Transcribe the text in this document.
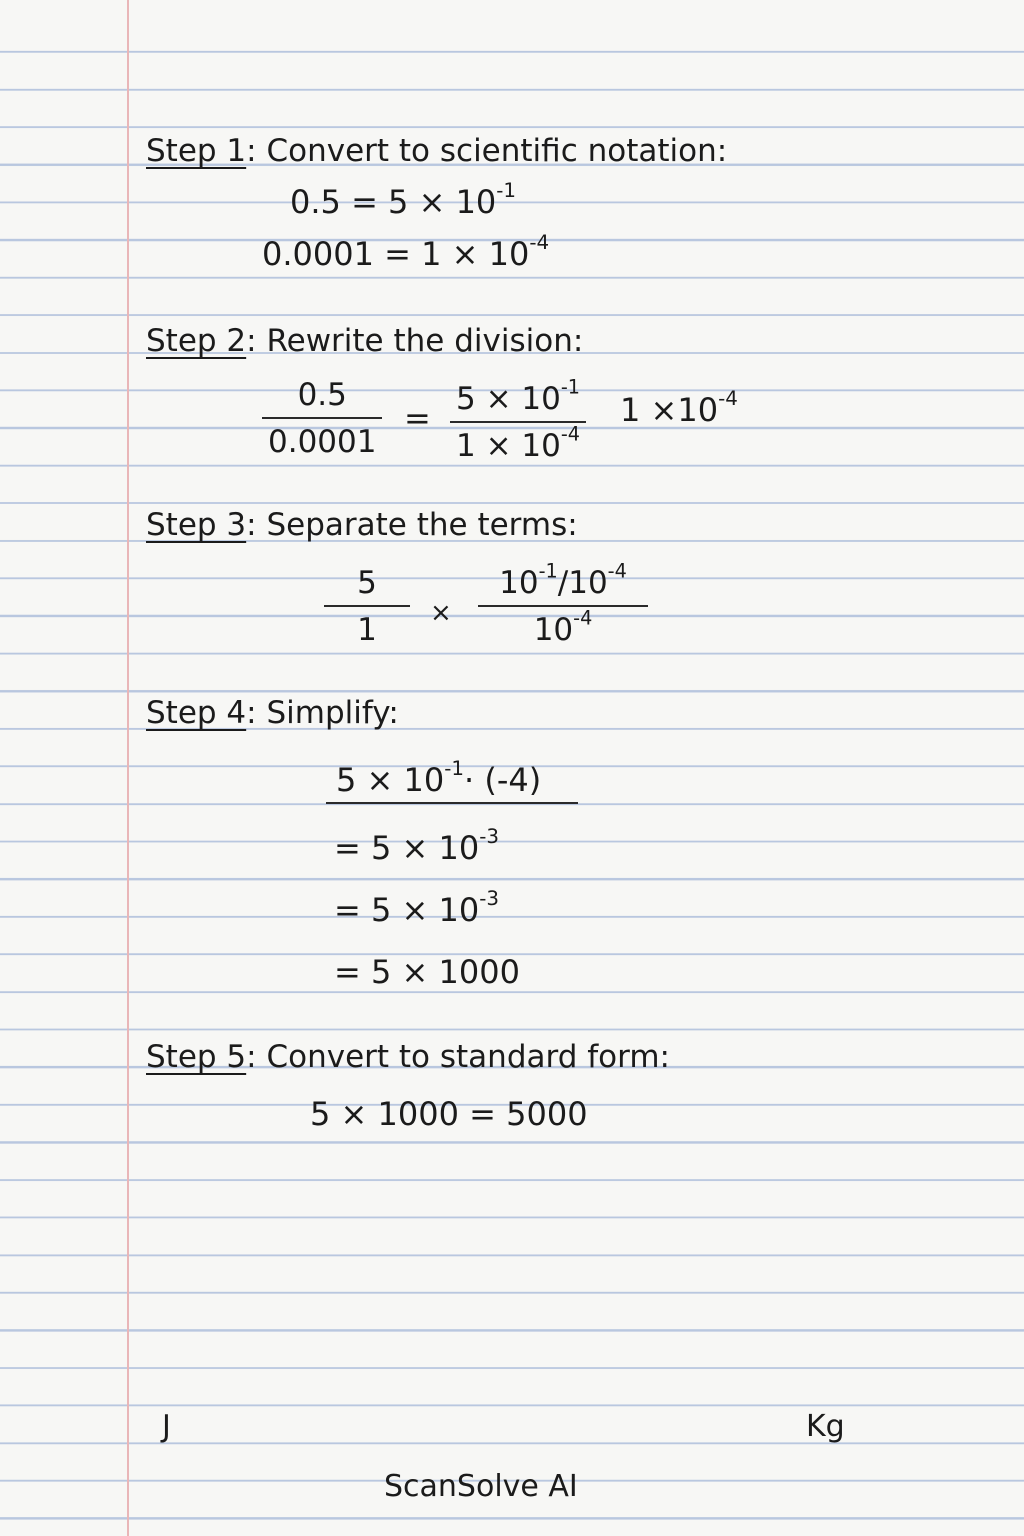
Step 1: Convert to scientific notation:
$0.5 = 5 \times 10^{-1}$
$0.0001 = 1 \times 10^{-4}$
Step 2: Rewrite the division:
0.5
0.0001
= $5 \times 10^{-1}$
$1 \times 10^{-4}$
$1 \times 10^{-4}$
Step 3: Separate the terms:
5
1 ×
$10^{-1}/10^{-4}$
$10^{-4}$
Step 4: Simplify:
$5 \times 10^{-1}\cdot (-4)$
= $5 \times 10^{-3}$
= $5 \times 10^{-3}$
= 5 × 1000
Step 5: Convert to standard form:
5 × 1000 = 5000
J	Kg
ScanSolve AI
